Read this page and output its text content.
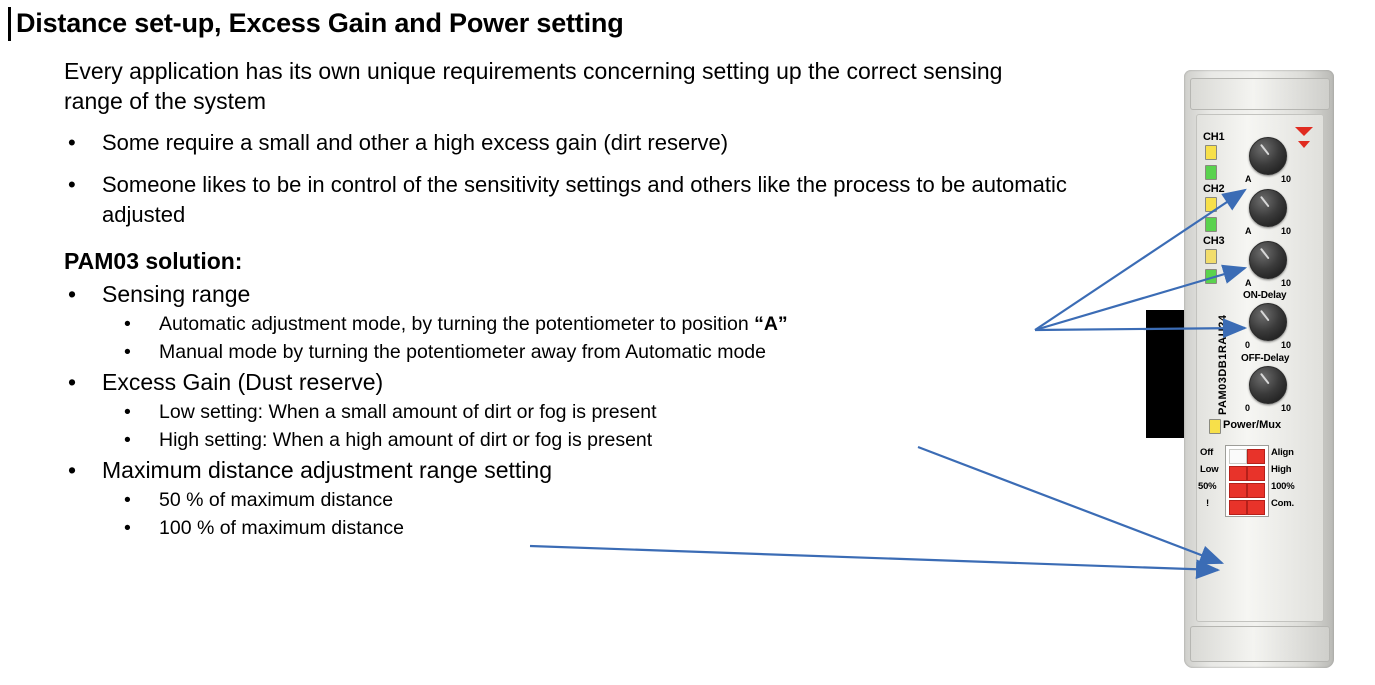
Distance set-up, Excess Gain and Power setting

Every application has its own unique requirements concerning setting up the correct sensing range of the system

•	Some require a small and other a high excess gain (dirt reserve)
•	Someone likes to be in control of the sensitivity settings and others like the process to be automatic adjusted
PAM03 solution:
•	Sensing range
•	Automatic adjustment mode, by turning the potentiometer to position “A”
•	Manual mode by turning the potentiometer away from Automatic mode
•	Excess Gain (Dust reserve)
•	Low setting: When a small amount of dirt or fog is present
•	High setting: When a high amount of dirt or fog is present
•	Maximum distance adjustment range setting
•	50 % of maximum distance
•	100 % of maximum distance
CH1
A	10
CH2
A	10
CH3
A	10
ON-Delay
0	10
OFF-Delay
0	10
PAM03DB1RAU24
Power/Mux
Off
Low
50%
!
Align
High
100%
Com.
